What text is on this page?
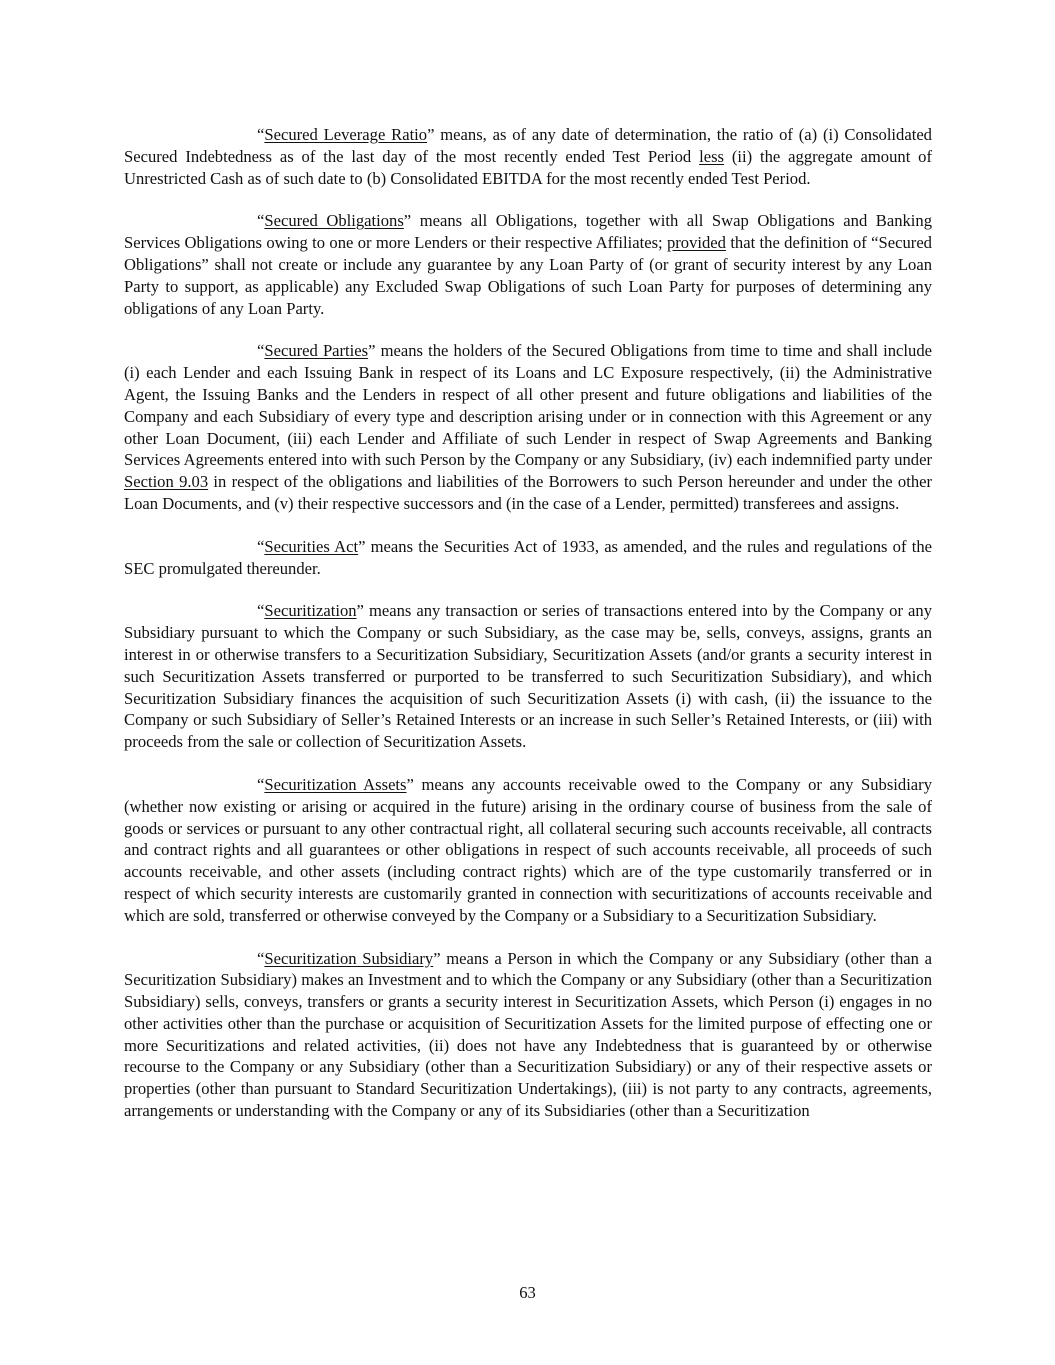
“Secured Leverage Ratio” means, as of any date of determination, the ratio of (a) (i) Consolidated Secured Indebtedness as of the last day of the most recently ended Test Period less (ii) the aggregate amount of Unrestricted Cash as of such date to (b) Consolidated EBITDA for the most recently ended Test Period.

“Secured Obligations” means all Obligations, together with all Swap Obligations and Banking Services Obligations owing to one or more Lenders or their respective Affiliates; provided that the definition of “Secured Obligations” shall not create or include any guarantee by any Loan Party of (or grant of security interest by any Loan Party to support, as applicable) any Excluded Swap Obligations of such Loan Party for purposes of determining any obligations of any Loan Party.

“Secured Parties” means the holders of the Secured Obligations from time to time and shall include (i) each Lender and each Issuing Bank in respect of its Loans and LC Exposure respectively, (ii) the Administrative Agent, the Issuing Banks and the Lenders in respect of all other present and future obligations and liabilities of the Company and each Subsidiary of every type and description arising under or in connection with this Agreement or any other Loan Document, (iii) each Lender and Affiliate of such Lender in respect of Swap Agreements and Banking Services Agreements entered into with such Person by the Company or any Subsidiary, (iv) each indemnified party under Section 9.03 in respect of the obligations and liabilities of the Borrowers to such Person hereunder and under the other Loan Documents, and (v) their respective successors and (in the case of a Lender, permitted) transferees and assigns.

“Securities Act” means the Securities Act of 1933, as amended, and the rules and regulations of the SEC promulgated thereunder.

“Securitization” means any transaction or series of transactions entered into by the Company or any Subsidiary pursuant to which the Company or such Subsidiary, as the case may be, sells, conveys, assigns, grants an interest in or otherwise transfers to a Securitization Subsidiary, Securitization Assets (and/or grants a security interest in such Securitization Assets transferred or purported to be transferred to such Securitization Subsidiary), and which Securitization Subsidiary finances the acquisition of such Securitization Assets (i) with cash, (ii) the issuance to the Company or such Subsidiary of Seller’s Retained Interests or an increase in such Seller’s Retained Interests, or (iii) with proceeds from the sale or collection of Securitization Assets.

“Securitization Assets” means any accounts receivable owed to the Company or any Subsidiary (whether now existing or arising or acquired in the future) arising in the ordinary course of business from the sale of goods or services or pursuant to any other contractual right, all collateral securing such accounts receivable, all contracts and contract rights and all guarantees or other obligations in respect of such accounts receivable, all proceeds of such accounts receivable, and other assets (including contract rights) which are of the type customarily transferred or in respect of which security interests are customarily granted in connection with securitizations of accounts receivable and which are sold, transferred or otherwise conveyed by the Company or a Subsidiary to a Securitization Subsidiary.

“Securitization Subsidiary” means a Person in which the Company or any Subsidiary (other than a Securitization Subsidiary) makes an Investment and to which the Company or any Subsidiary (other than a Securitization Subsidiary) sells, conveys, transfers or grants a security interest in Securitization Assets, which Person (i) engages in no other activities other than the purchase or acquisition of Securitization Assets for the limited purpose of effecting one or more Securitizations and related activities, (ii) does not have any Indebtedness that is guaranteed by or otherwise recourse to the Company or any Subsidiary (other than a Securitization Subsidiary) or any of their respective assets or properties (other than pursuant to Standard Securitization Undertakings), (iii) is not party to any contracts, agreements, arrangements or understanding with the Company or any of its Subsidiaries (other than a Securitization

63
